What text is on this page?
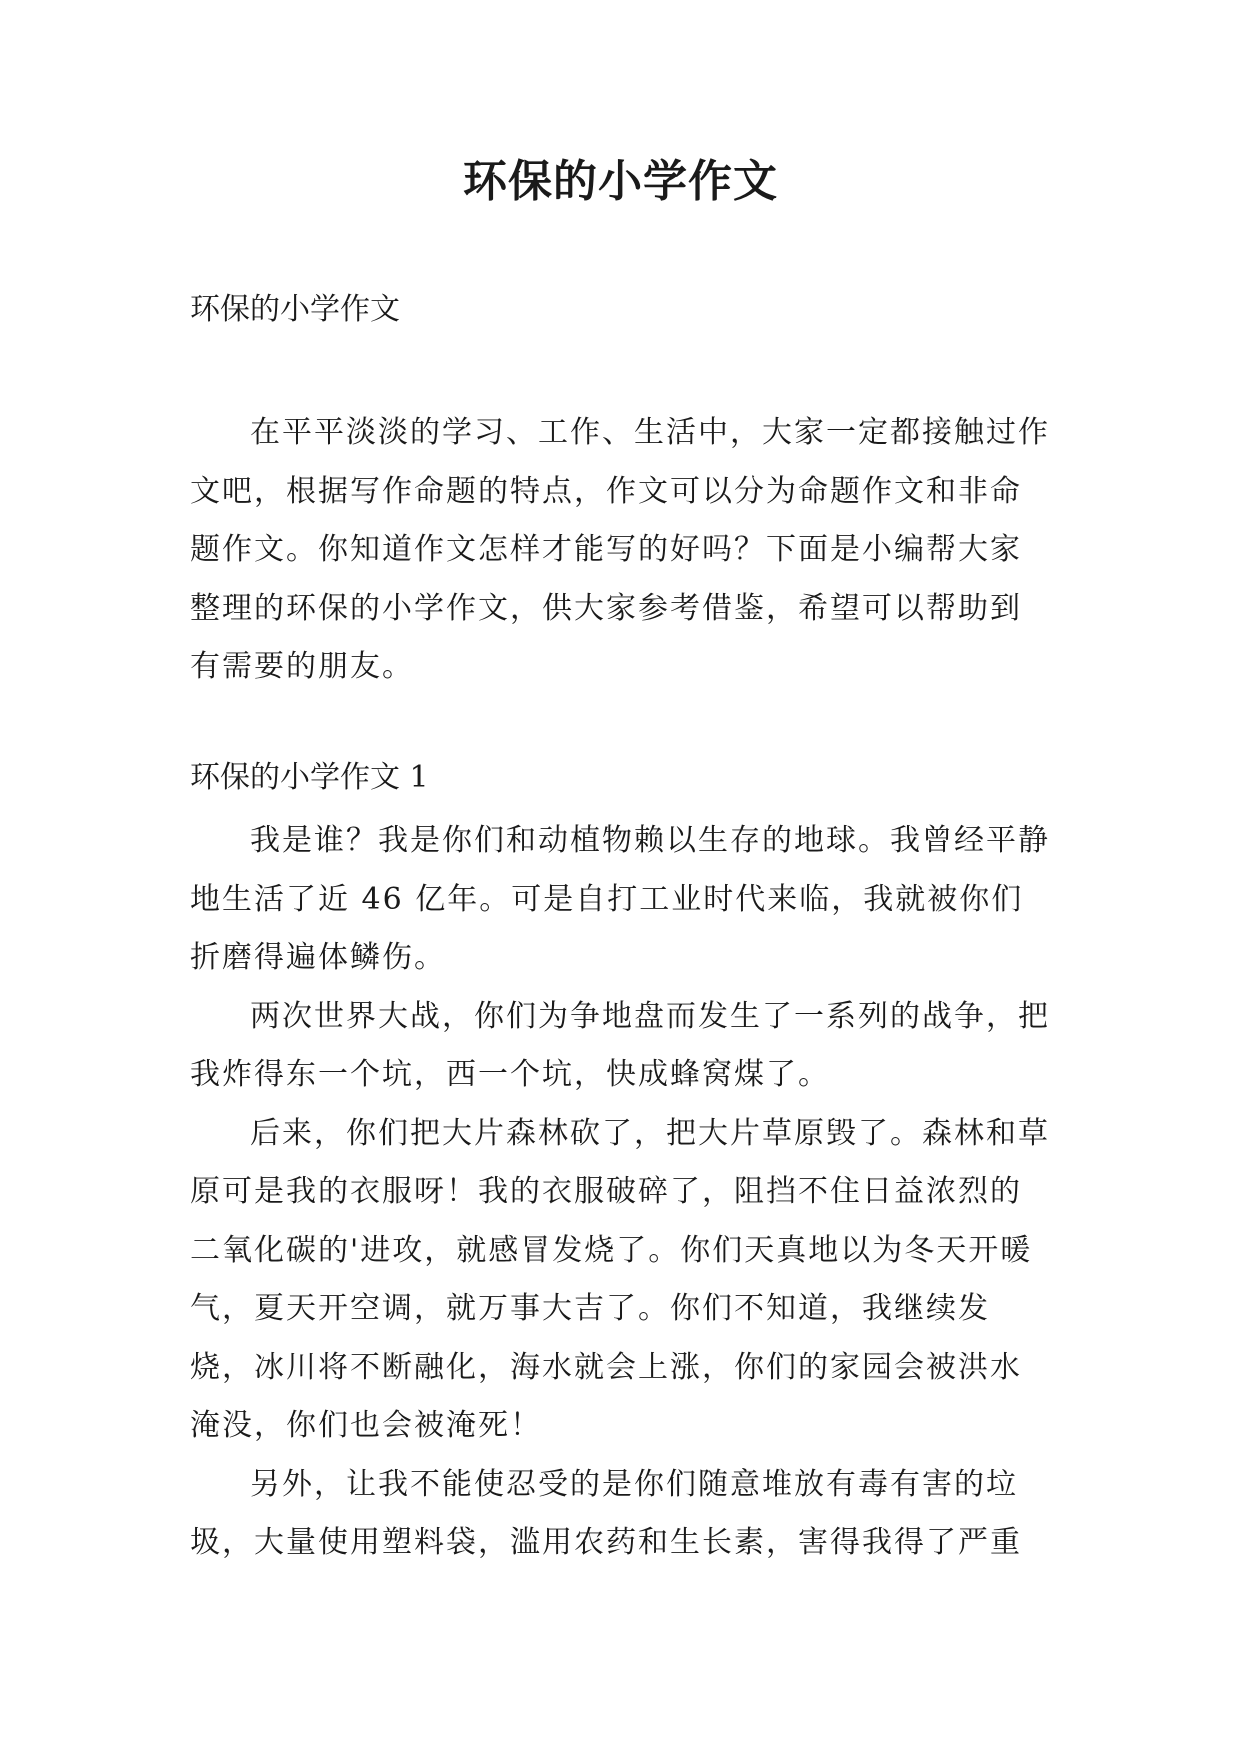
环保的小学作文
环保的小学作文

在平平淡淡的学习、工作、生活中，大家一定都接触过作文吧，根据写作命题的特点，作文可以分为命题作文和非命题作文。你知道作文怎样才能写的好吗？下面是小编帮大家整理的环保的小学作文，供大家参考借鉴，希望可以帮助到有需要的朋友。

环保的小学作文 1

我是谁？我是你们和动植物赖以生存的地球。我曾经平静地生活了近 46 亿年。可是自打工业时代来临，我就被你们折磨得遍体鳞伤。

两次世界大战，你们为争地盘而发生了一系列的战争，把我炸得东一个坑，西一个坑，快成蜂窝煤了。

后来，你们把大片森林砍了，把大片草原毁了。森林和草原可是我的衣服呀！我的衣服破碎了，阻挡不住日益浓烈的二氧化碳的'进攻，就感冒发烧了。你们天真地以为冬天开暖气，夏天开空调，就万事大吉了。你们不知道，我继续发烧，冰川将不断融化，海水就会上涨，你们的家园会被洪水淹没，你们也会被淹死！

另外，让我不能使忍受的是你们随意堆放有毒有害的垃圾，大量使用塑料袋，滥用农药和生长素，害得我得了严重
